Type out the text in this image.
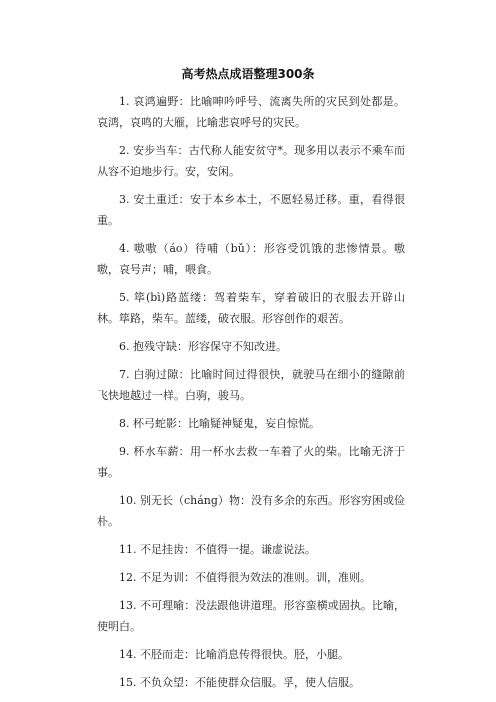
高考热点成语整理300条

1. 哀鸿遍野：比喻呻吟呼号、流离失所的灾民到处都是。哀鸿，哀鸣的大雁，比喻悲哀呼号的灾民。

2. 安步当车：古代称人能安贫守*。现多用以表示不乘车而从容不迫地步行。安，安闲。

3. 安土重迁：安于本乡本土，不愿轻易迁移。重，看得很重。

4. 嗷嗷（áo）待哺（bǔ）：形容受饥饿的悲惨情景。嗷嗷，哀号声；哺，喂食。

5. 筚(bì)路蓝缕：驾着柴车，穿着破旧的衣服去开辟山林。筚路，柴车。蓝缕，破衣服。形容创作的艰苦。

6. 抱残守缺：形容保守不知改进。

7. 白驹过隙：比喻时间过得很快，就驶马在细小的缝隙前飞快地越过一样。白驹，骏马。

8. 杯弓蛇影：比喻疑神疑鬼，妄自惊慌。

9. 杯水车薪：用一杯水去救一车着了火的柴。比喻无济于事。

10. 别无长（cháng）物：没有多余的东西。形容穷困或俭朴。

11. 不足挂齿：不值得一提。谦虚说法。

12. 不足为训：不值得很为效法的准则。训，准则。

13. 不可理喻：没法跟他讲道理。形容蛮横或固执。比喻，使明白。

14. 不胫而走：比喻消息传得很快。胫，小腿。

15. 不负众望：不能使群众信服。孚，使人信服。
